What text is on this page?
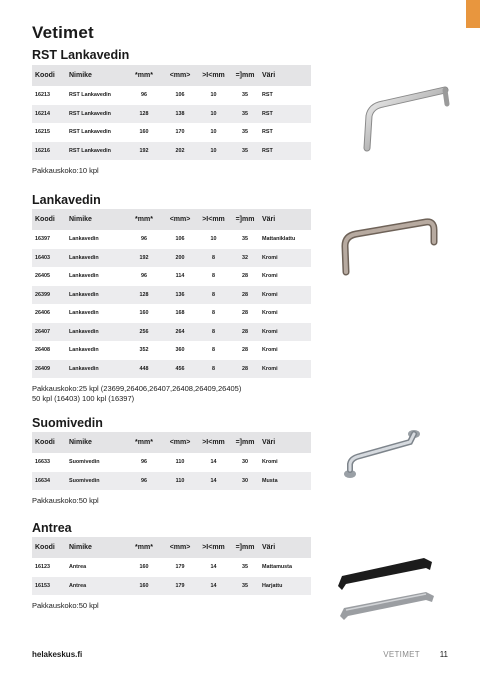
Vetimet
RST Lankavedin
Koodi	Nimike	*mm*	<mm>	>I<mm	=]mm	Väri
16213	RST Lankavedin	96	106	10	35	RST
16214	RST Lankavedin	128	138	10	35	RST
16215	RST Lankavedin	160	170	10	35	RST
16216	RST Lankavedin	192	202	10	35	RST
Pakkauskoko:10 kpl
Lankavedin
Koodi	Nimike	*mm*	<mm>	>I<mm	=]mm	Väri
16397	Lankavedin	96	106	10	35	Mattaniklattu
16403	Lankavedin	192	200	8	32	Kromi
26405	Lankavedin	96	114	8	28	Kromi
26399	Lankavedin	128	136	8	28	Kromi
26406	Lankavedin	160	168	8	28	Kromi
26407	Lankavedin	256	264	8	28	Kromi
26408	Lankavedin	352	360	8	28	Kromi
26409	Lankavedin	448	456	8	28	Kromi
Pakkauskoko:25 kpl (23699,26406,26407,26408,26409,26405)
50 kpl (16403) 100 kpl (16397)
Suomivedin
Koodi	Nimike	*mm*	<mm>	>I<mm	=]mm	Väri
16633	Suomivedin	96	110	14	30	Kromi
16634	Suomivedin	96	110	14	30	Musta
Pakkauskoko:50 kpl
Antrea
Koodi	Nimike	*mm*	<mm>	>I<mm	=]mm	Väri
16123	Antrea	160	179	14	35	Mattamusta
16153	Antrea	160	179	14	35	Harjattu
Pakkauskoko:50 kpl
helakeskus.fi	VETIMET 11
